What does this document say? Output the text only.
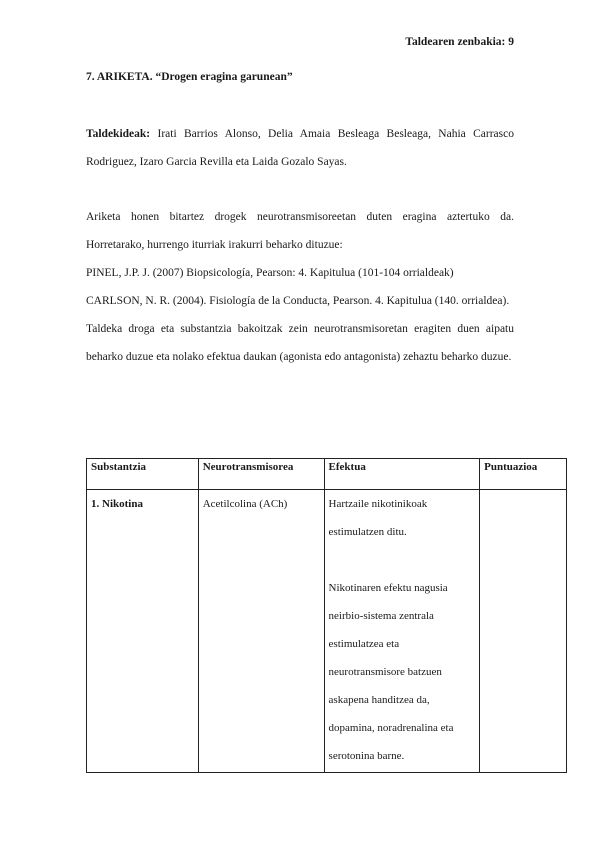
Taldearen zenbakia: 9
7. ARIKETA. “Drogen eragina garunean”
Taldekideak: Irati Barrios Alonso, Delia Amaia Besleaga Besleaga, Nahia Carrasco Rodriguez, Izaro Garcia Revilla eta Laida Gozalo Sayas.

Ariketa honen bitartez drogek neurotransmisoreetan duten eragina aztertuko da. Horretarako, hurrengo iturriak irakurri beharko dituzue:

PINEL, J.P. J. (2007) Biopsicología, Pearson: 4. Kapitulua (101-104 orrialdeak)

CARLSON, N. R. (2004). Fisiología de la Conducta, Pearson. 4. Kapitulua (140. orrialdea).

Taldeka droga eta substantzia bakoitzak zein neurotransmisoretan eragiten duen aipatu beharko duzue eta nolako efektua daukan (agonista edo antagonista) zehaztu beharko duzue.

Substantzia	Neurotransmisorea	Efektua	Puntuazioa
1. Nikotina	Acetilcolina (ACh)	Hartzaile nikotinikoak estimulatzen ditu.

Nikotinaren efektu nagusia neirbio-sistema zentrala estimulatzea eta neurotransmisore batzuen askapena handitzea da, dopamina, noradrenalina eta serotonina barne.	
